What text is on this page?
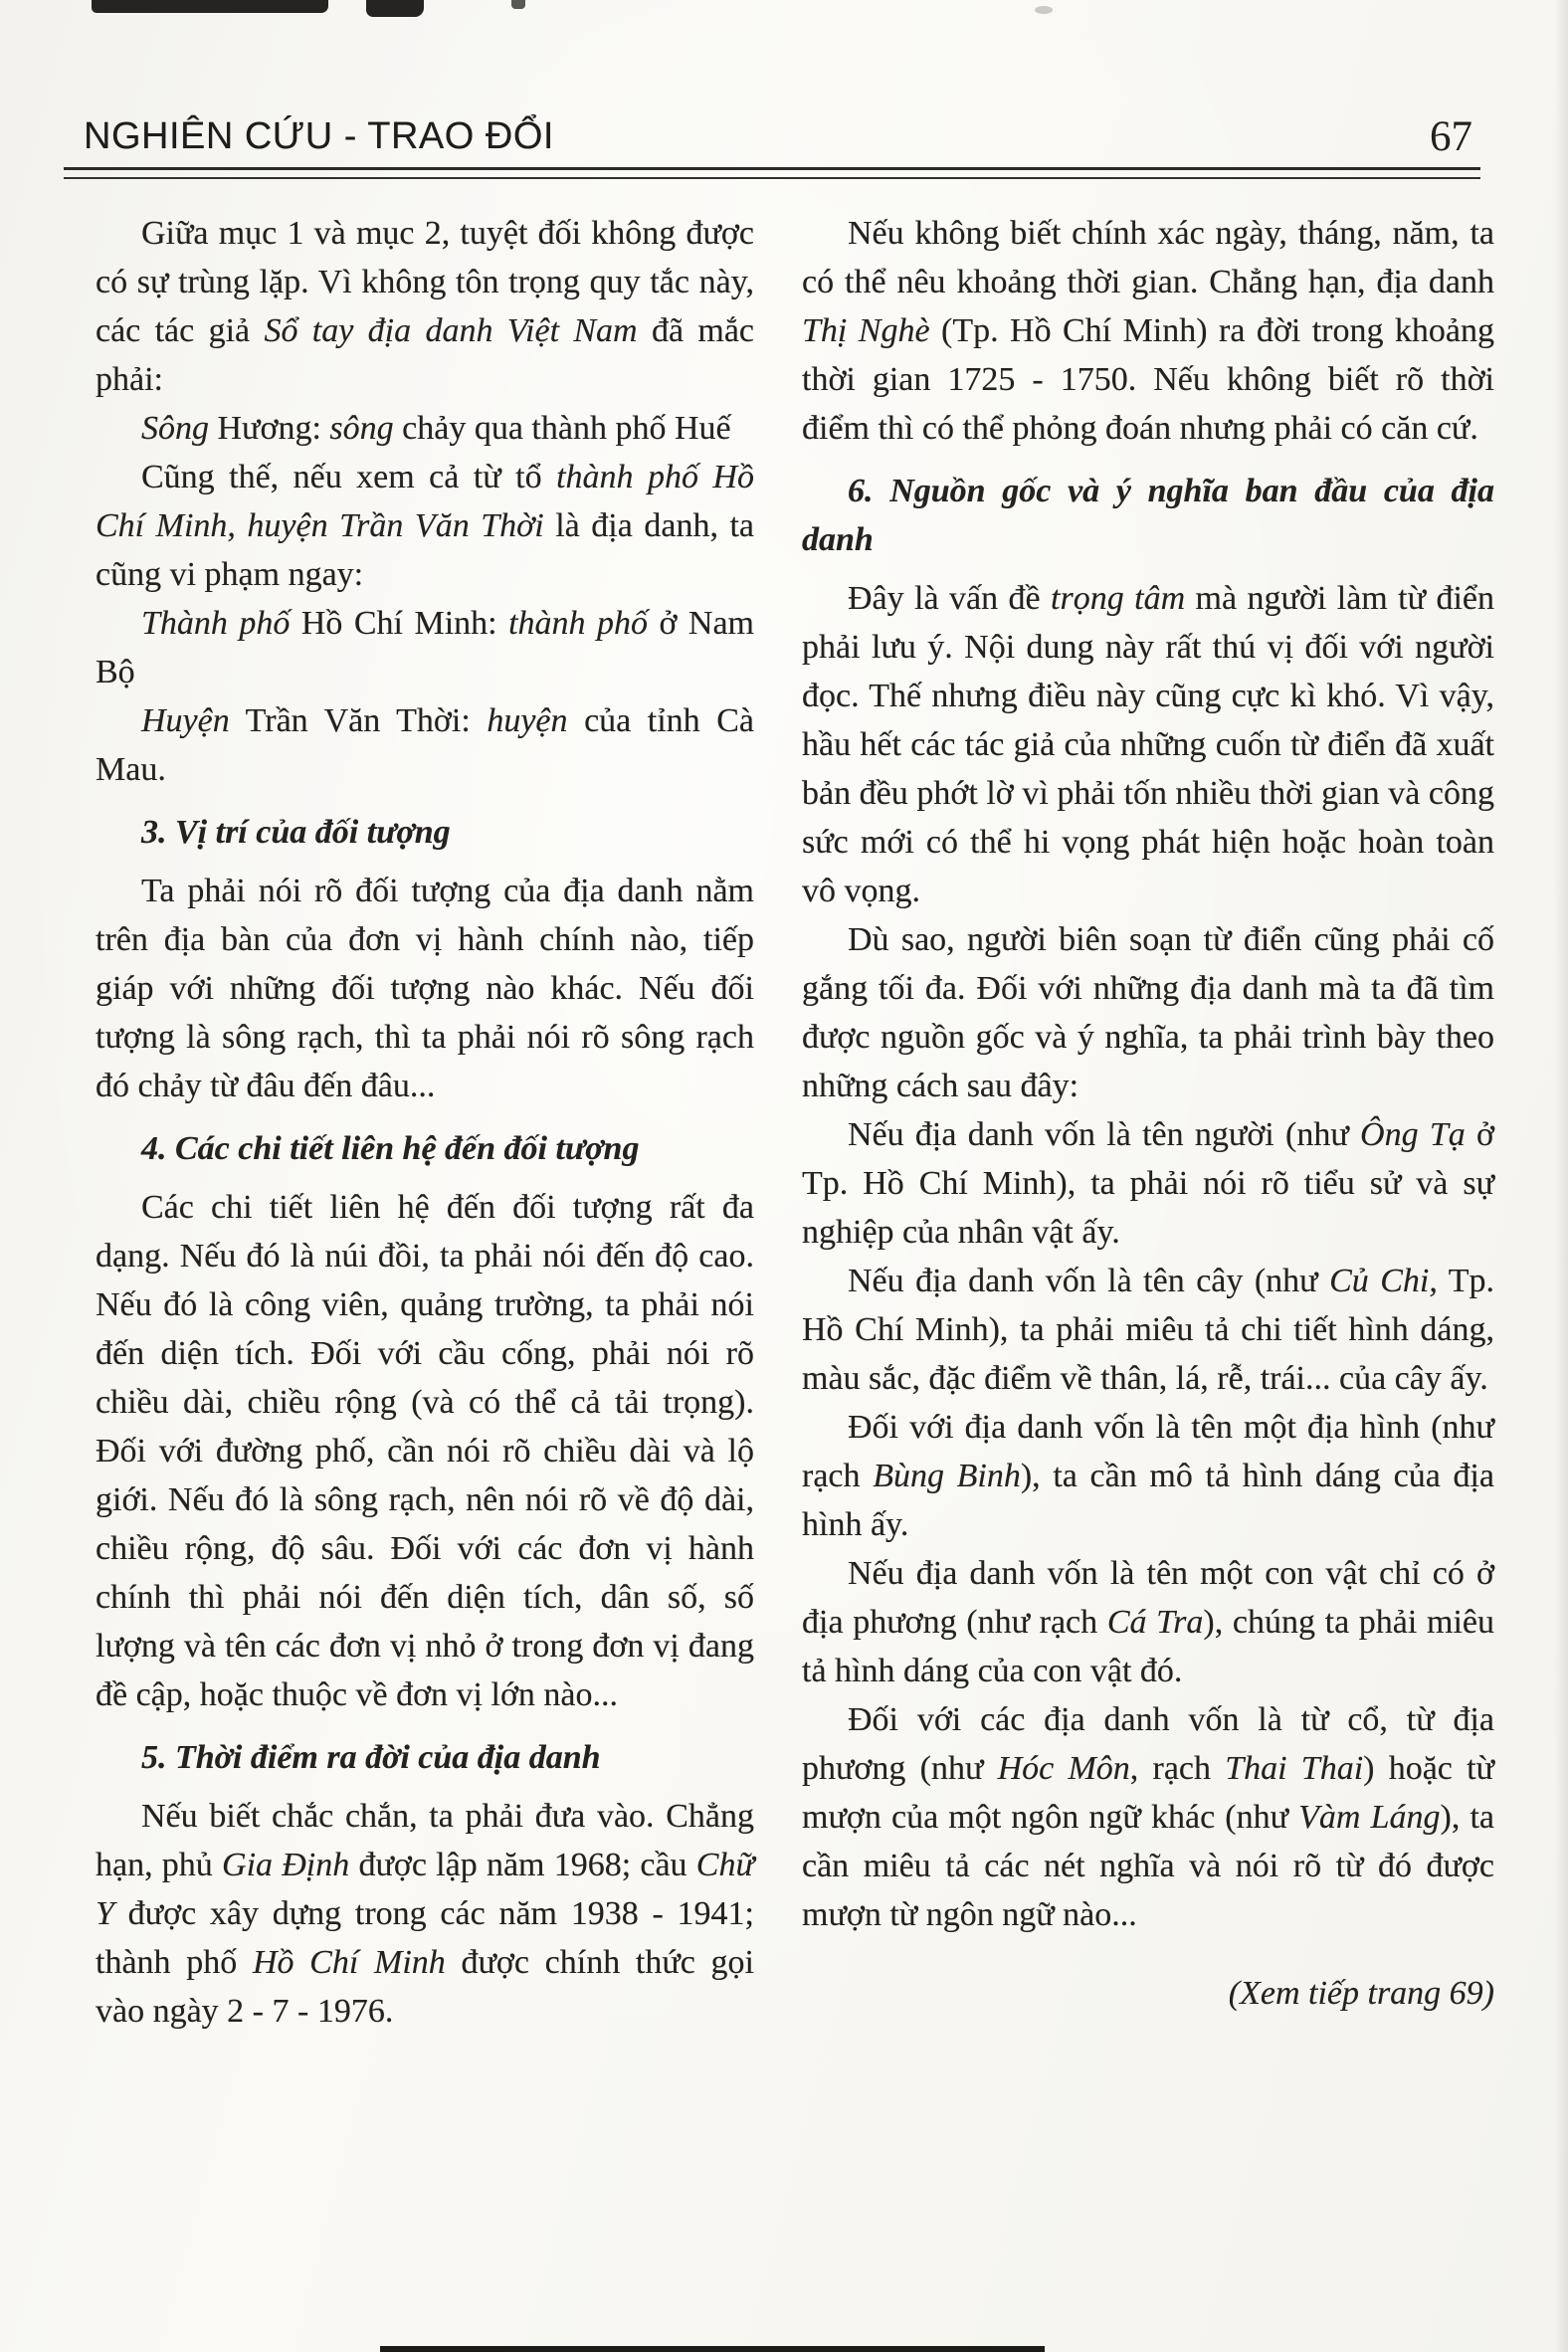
NGHIÊN CỨU - TRAO ĐỔI	67

Giữa mục 1 và mục 2, tuyệt đối không được có sự trùng lặp. Vì không tôn trọng quy tắc này, các tác giả Sổ tay địa danh Việt Nam đã mắc phải:

Sông Hương: sông chảy qua thành phố Huế

Cũng thế, nếu xem cả từ tổ thành phố Hồ Chí Minh, huyện Trần Văn Thời là địa danh, ta cũng vi phạm ngay:

Thành phố Hồ Chí Minh: thành phố ở Nam Bộ

Huyện Trần Văn Thời: huyện của tỉnh Cà Mau.

3. Vị trí của đối tượng

Ta phải nói rõ đối tượng của địa danh nằm trên địa bàn của đơn vị hành chính nào, tiếp giáp với những đối tượng nào khác. Nếu đối tượng là sông rạch, thì ta phải nói rõ sông rạch đó chảy từ đâu đến đâu...

4. Các chi tiết liên hệ đến đối tượng

Các chi tiết liên hệ đến đối tượng rất đa dạng. Nếu đó là núi đồi, ta phải nói đến độ cao. Nếu đó là công viên, quảng trường, ta phải nói đến diện tích. Đối với cầu cống, phải nói rõ chiều dài, chiều rộng (và có thể cả tải trọng). Đối với đường phố, cần nói rõ chiều dài và lộ giới. Nếu đó là sông rạch, nên nói rõ về độ dài, chiều rộng, độ sâu. Đối với các đơn vị hành chính thì phải nói đến diện tích, dân số, số lượng và tên các đơn vị nhỏ ở trong đơn vị đang đề cập, hoặc thuộc về đơn vị lớn nào...

5. Thời điểm ra đời của địa danh

Nếu biết chắc chắn, ta phải đưa vào. Chẳng hạn, phủ Gia Định được lập năm 1968; cầu Chữ Y được xây dựng trong các năm 1938 - 1941; thành phố Hồ Chí Minh được chính thức gọi vào ngày 2 - 7 - 1976.

Nếu không biết chính xác ngày, tháng, năm, ta có thể nêu khoảng thời gian. Chẳng hạn, địa danh Thị Nghè (Tp. Hồ Chí Minh) ra đời trong khoảng thời gian 1725 - 1750. Nếu không biết rõ thời điểm thì có thể phỏng đoán nhưng phải có căn cứ.

6. Nguồn gốc và ý nghĩa ban đầu của địa danh

Đây là vấn đề trọng tâm mà người làm từ điển phải lưu ý. Nội dung này rất thú vị đối với người đọc. Thế nhưng điều này cũng cực kì khó. Vì vậy, hầu hết các tác giả của những cuốn từ điển đã xuất bản đều phớt lờ vì phải tốn nhiều thời gian và công sức mới có thể hi vọng phát hiện hoặc hoàn toàn vô vọng.

Dù sao, người biên soạn từ điển cũng phải cố gắng tối đa. Đối với những địa danh mà ta đã tìm được nguồn gốc và ý nghĩa, ta phải trình bày theo những cách sau đây:

Nếu địa danh vốn là tên người (như Ông Tạ ở Tp. Hồ Chí Minh), ta phải nói rõ tiểu sử và sự nghiệp của nhân vật ấy.

Nếu địa danh vốn là tên cây (như Củ Chi, Tp. Hồ Chí Minh), ta phải miêu tả chi tiết hình dáng, màu sắc, đặc điểm về thân, lá, rễ, trái... của cây ấy.

Đối với địa danh vốn là tên một địa hình (như rạch Bùng Binh), ta cần mô tả hình dáng của địa hình ấy.

Nếu địa danh vốn là tên một con vật chỉ có ở địa phương (như rạch Cá Tra), chúng ta phải miêu tả hình dáng của con vật đó.

Đối với các địa danh vốn là từ cổ, từ địa phương (như Hóc Môn, rạch Thai Thai) hoặc từ mượn của một ngôn ngữ khác (như Vàm Láng), ta cần miêu tả các nét nghĩa và nói rõ từ đó được mượn từ ngôn ngữ nào...

(Xem tiếp trang 69)
